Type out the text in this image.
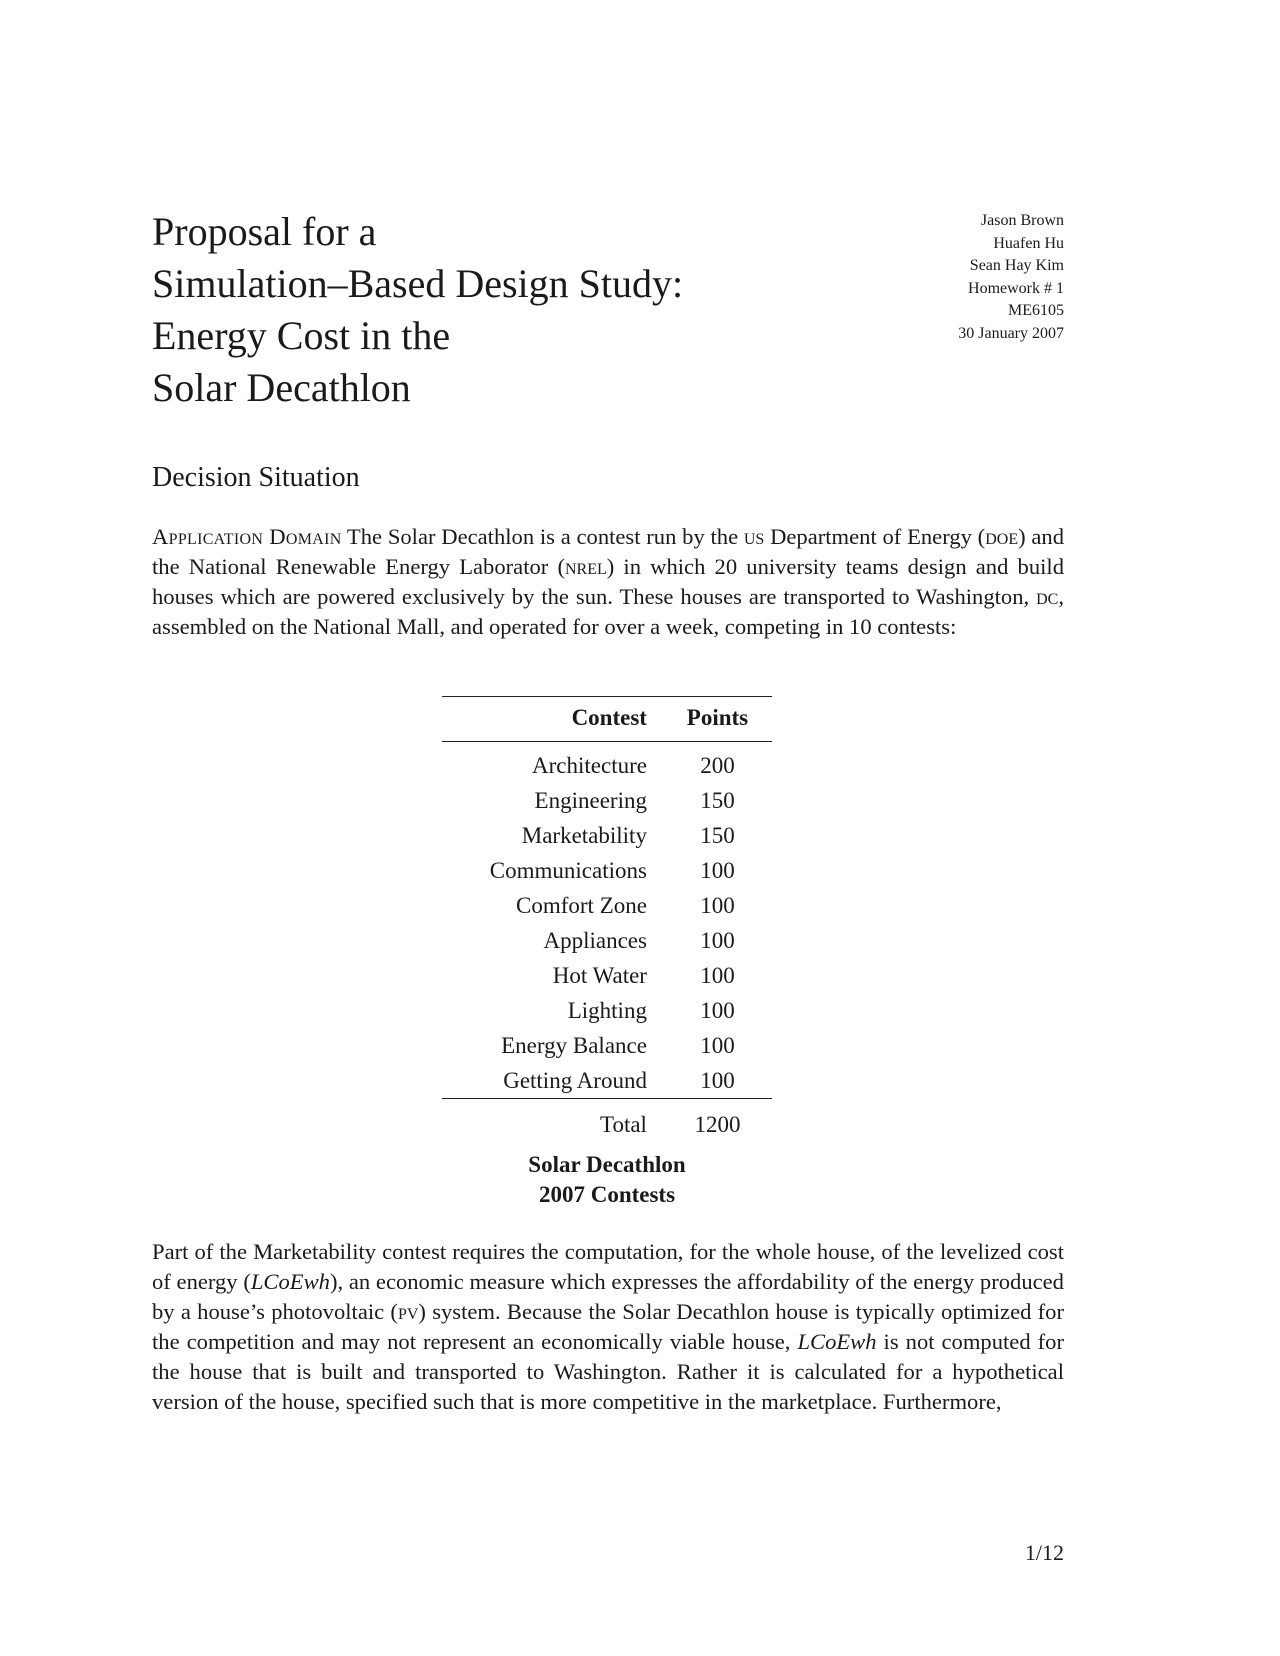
Proposal for a
Simulation–Based Design Study:
Energy Cost in the
Solar Decathlon
Jason Brown
Huafen Hu
Sean Hay Kim
Homework # 1
ME6105
30 January 2007
Decision Situation

Application Domain The Solar Decathlon is a contest run by the us Department of Energy (doe) and the National Renewable Energy Laborator (nrel) in which 20 university teams design and build houses which are powered exclusively by the sun. These houses are transported to Washington, dc, assembled on the National Mall, and operated for over a week, competing in 10 contests:

Contest	Points
Architecture	200
Engineering	150
Marketability	150
Communications	100
Comfort Zone	100
Appliances	100
Hot Water	100
Lighting	100
Energy Balance	100
Getting Around	100
Total	1200
Solar Decathlon
2007 Contests

Part of the Marketability contest requires the computation, for the whole house, of the levelized cost of energy (LCoEwh), an economic measure which expresses the affordability of the energy produced by a house’s photovoltaic (pv) system. Because the Solar Decathlon house is typically optimized for the competition and may not represent an economically viable house, LCoEwh is not computed for the house that is built and transported to Washington. Rather it is calculated for a hypothetical version of the house, specified such that is more competitive in the marketplace. Furthermore,

1/12
